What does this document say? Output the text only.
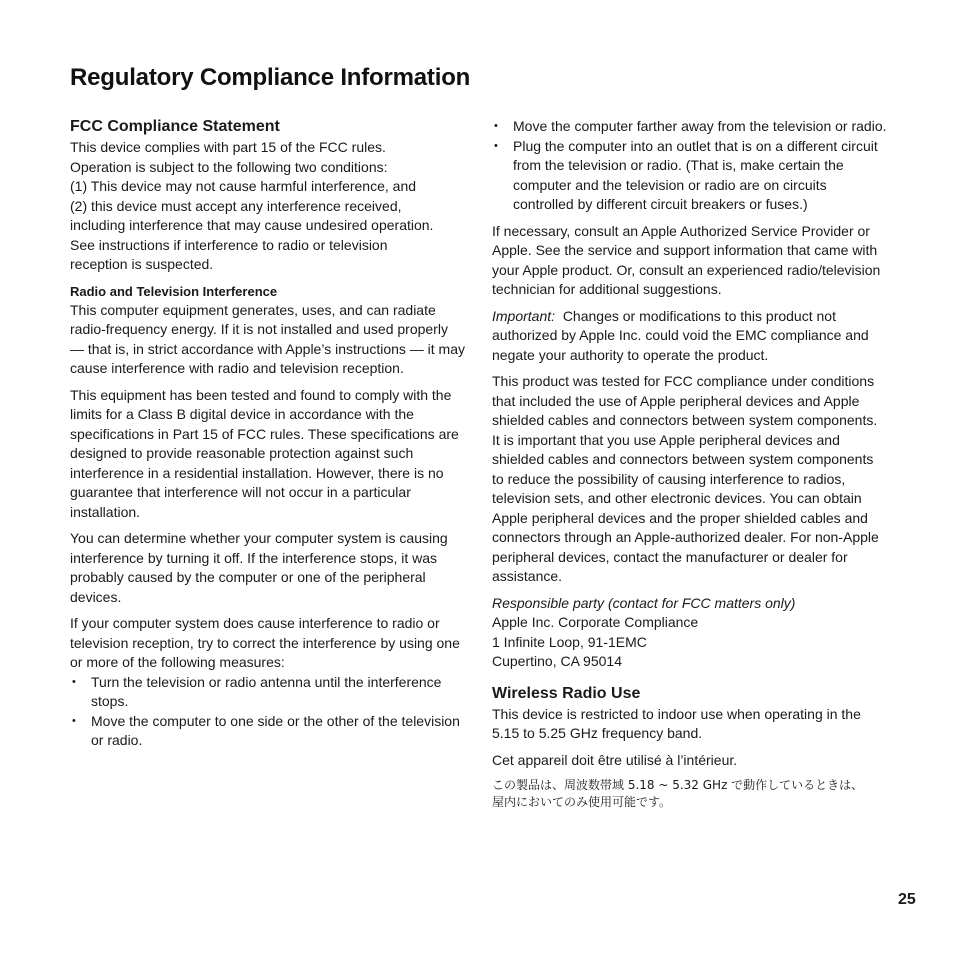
Regulatory Compliance Information
FCC Compliance Statement

This device complies with part 15 of the FCC rules.
Operation is subject to the following two conditions:
(1) This device may not cause harmful interference, and
(2) this device must accept any interference received,
including interference that may cause undesired operation.
See instructions if interference to radio or television
reception is suspected.

Radio and Television Interference

This computer equipment generates, uses, and can radiate radio-frequency energy. If it is not installed and used properly — that is, in strict accordance with Apple’s instructions — it may cause interference with radio and television reception.

This equipment has been tested and found to comply with the limits for a Class B digital device in accordance with the specifications in Part 15 of FCC rules. These specifications are designed to provide reasonable protection against such interference in a residential installation. However, there is no guarantee that interference will not occur in a particular installation.

You can determine whether your computer system is causing interference by turning it off. If the interference stops, it was probably caused by the computer or one of the peripheral devices.

If your computer system does cause interference to radio or television reception, try to correct the interference by using one or more of the following measures:

• Turn the television or radio antenna until the interference stops.
• Move the computer to one side or the other of the television or radio.
• Move the computer farther away from the television or radio.
• Plug the computer into an outlet that is on a different circuit from the television or radio. (That is, make certain the computer and the television or radio are on circuits controlled by different circuit breakers or fuses.)

If necessary, consult an Apple Authorized Service Provider or Apple. See the service and support information that came with your Apple product. Or, consult an experienced radio/television technician for additional suggestions.

Important: Changes or modifications to this product not authorized by Apple Inc. could void the EMC compliance and negate your authority to operate the product.

This product was tested for FCC compliance under conditions that included the use of Apple peripheral devices and Apple shielded cables and connectors between system components. It is important that you use Apple peripheral devices and shielded cables and connectors between system components to reduce the possibility of causing interference to radios, television sets, and other electronic devices. You can obtain Apple peripheral devices and the proper shielded cables and connectors through an Apple-authorized dealer. For non-Apple peripheral devices, contact the manufacturer or dealer for assistance.

Responsible party (contact for FCC matters only)
Apple Inc. Corporate Compliance
1 Infinite Loop, 91-1EMC
Cupertino, CA 95014

Wireless Radio Use

This device is restricted to indoor use when operating in the 5.15 to 5.25 GHz frequency band.

Cet appareil doit être utilisé à l’intérieur.

この製品は、周波数帯域 5.18 ~ 5.32 GHz で動作しているときは、
屋内においてのみ使用可能です。

25
